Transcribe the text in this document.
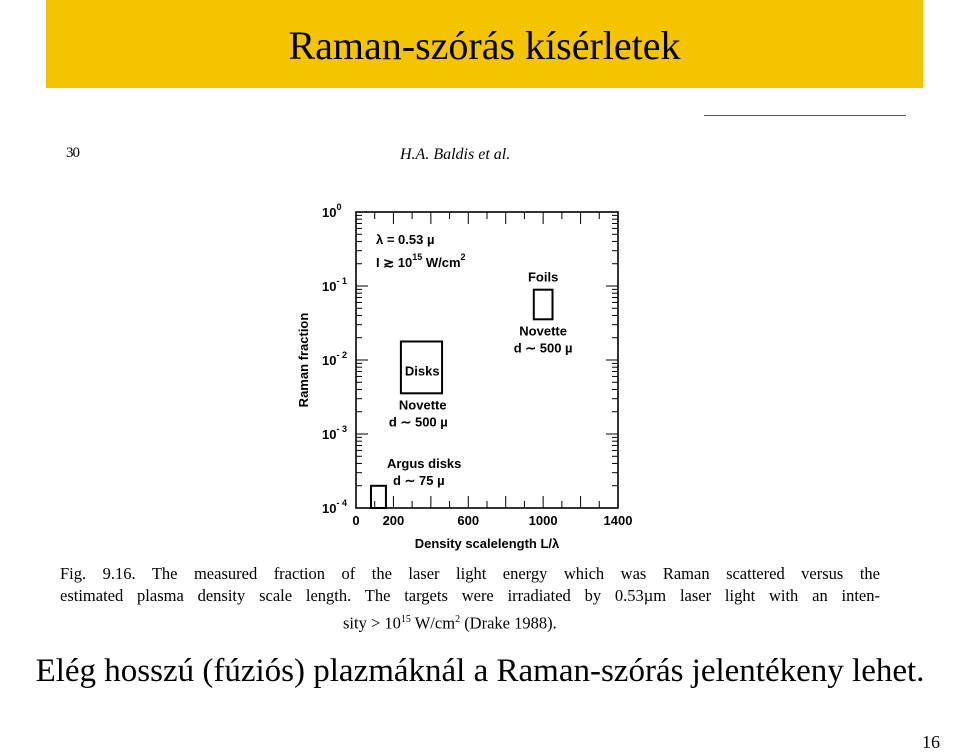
Raman-szórás kísérletek
30	H.A. Baldis et al.
$10^0$
$10^{- 1}$
$10^{- 2}$
$10^{- 3}$
$10^{- 4}$
Raman fraction
0 200	600	1000	1400
Density scalelength L/λ
Disks
Foils
Argus disks
d ∼ 75 µ
Novette
d ∼ 500 µ
Novette
d ∼ 500 µ
λ = 0.53 µ
I ≳ $10^{15}$ $W/cm^2$
Fig. 9.16. The measured fraction of the laser light energy which was Raman scattered versus the
estimated plasma density scale length. The targets were irradiated by 0.53µm laser light with an inten-
sity > $10^{15}$ $W/cm^2$ (Drake 1988).
Elég hosszú (fúziós) plazmáknál a Raman-szórás jelentékeny lehet.
16
